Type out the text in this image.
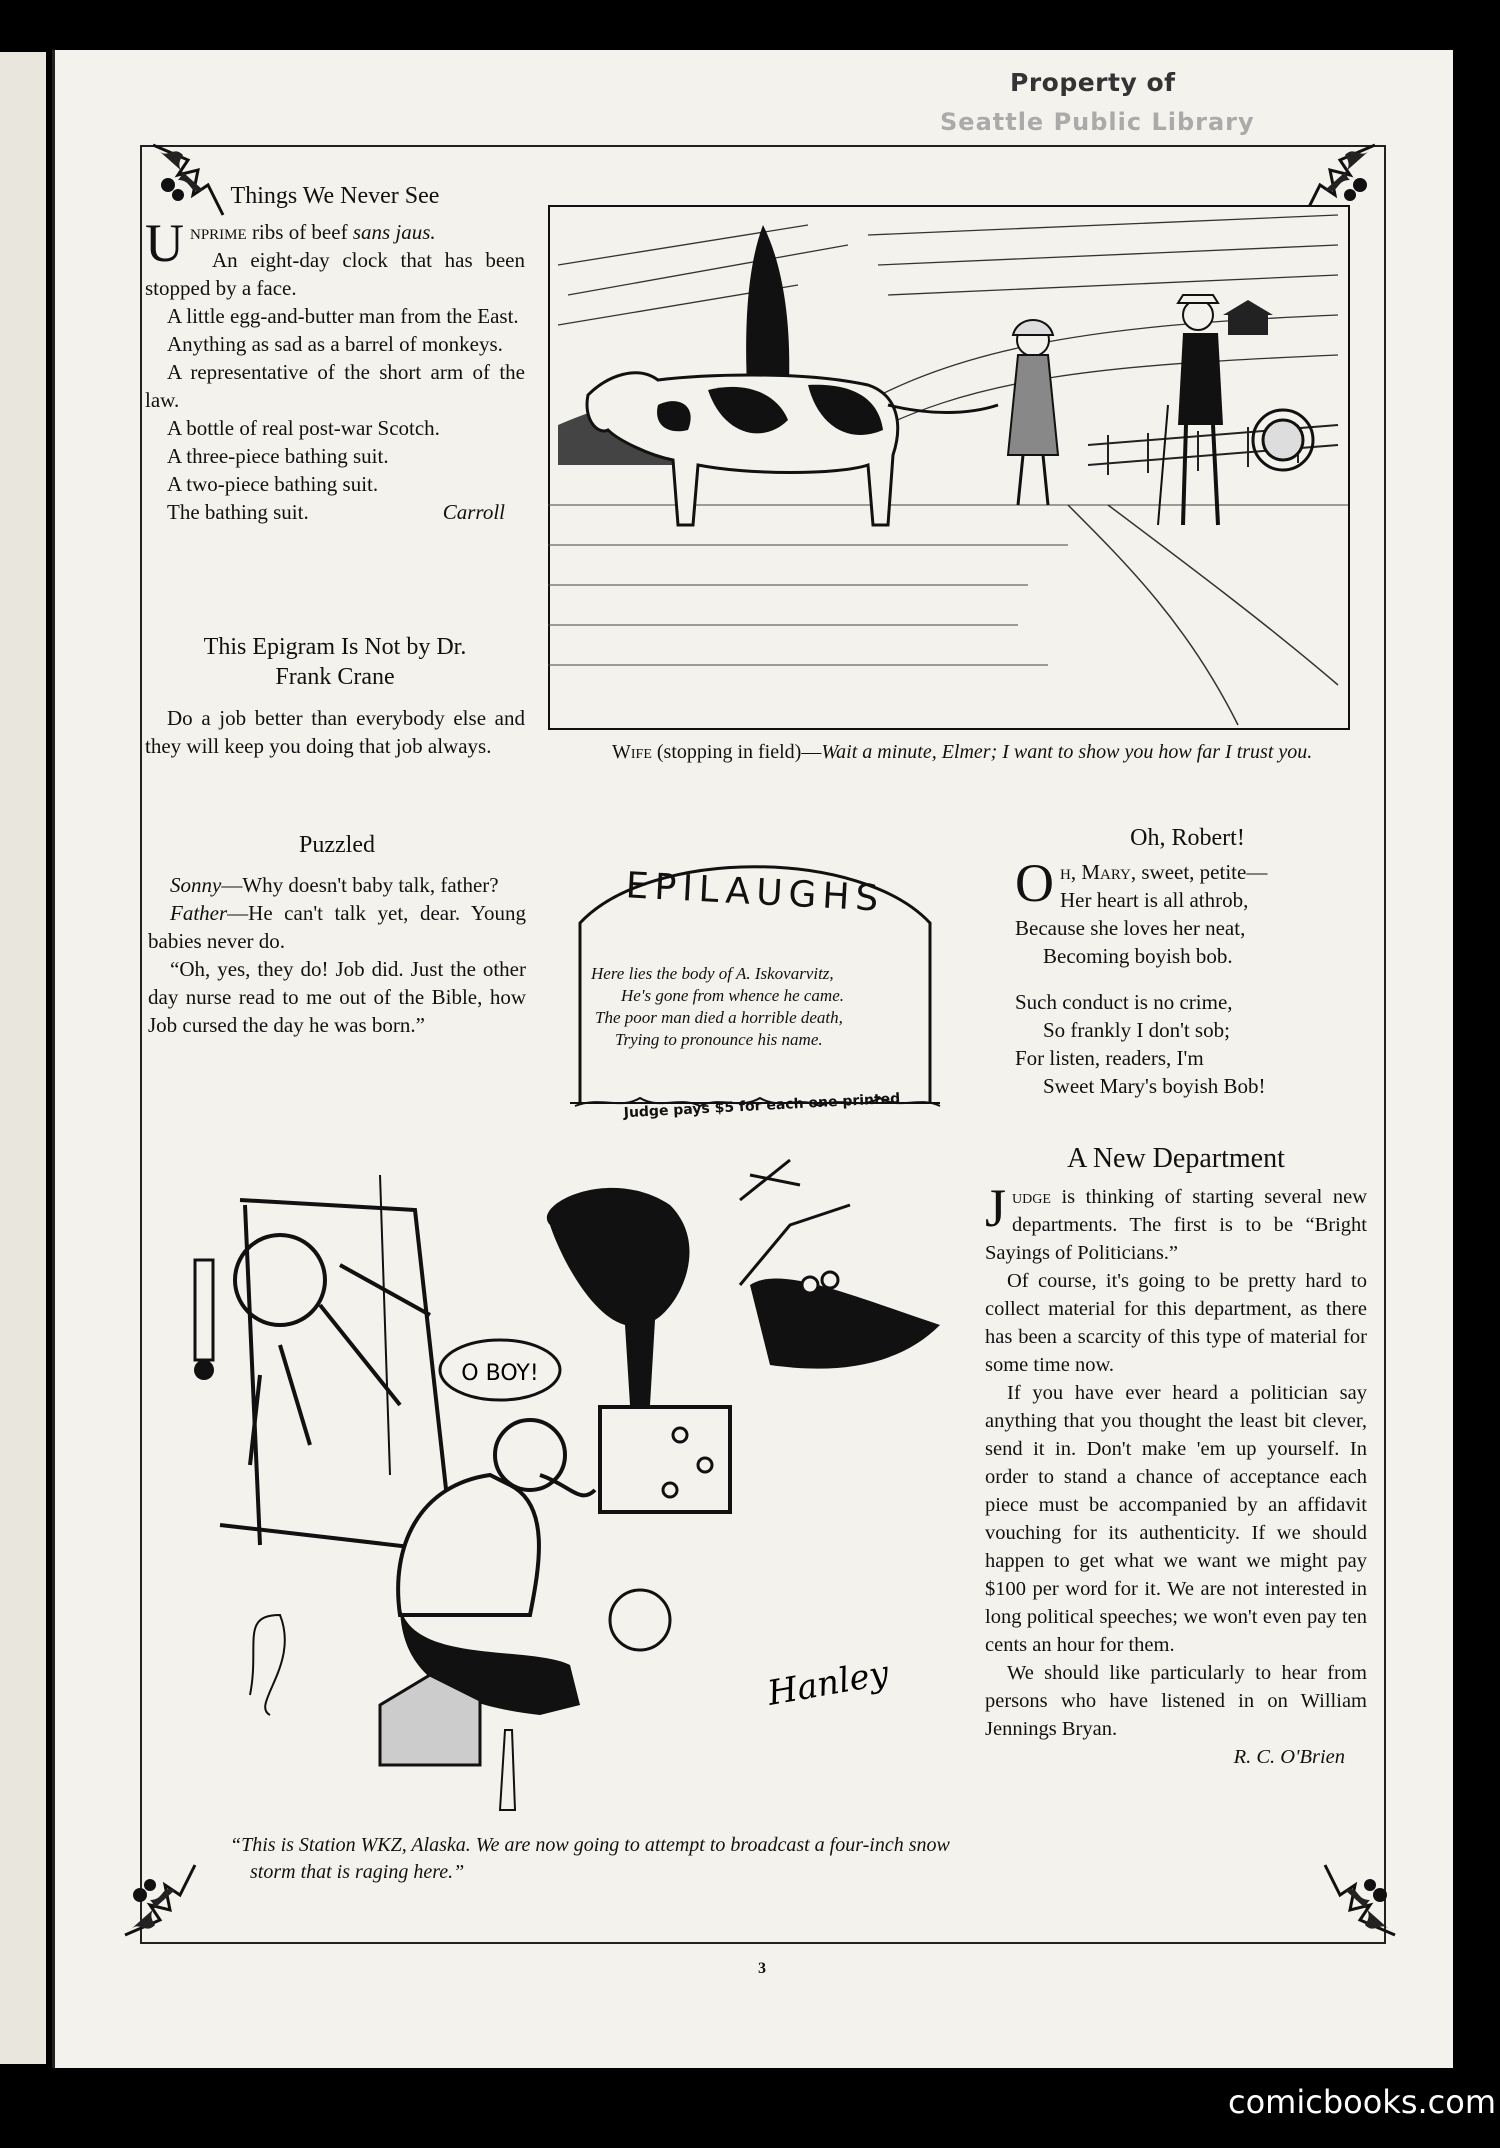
Property of
Seattle Public Library
Things We Never See
U nprime ribs of beef sans jaus.

An eight-day clock that has been stopped by a face.

A little egg-and-butter man from the East.

Anything as sad as a barrel of monkeys.

A representative of the short arm of the law.

A bottle of real post-war Scotch.

A three-piece bathing suit.

A two-piece bathing suit.

The bathing suit.	Carroll

This Epigram Is Not by Dr.
Frank Crane

Do a job better than everybody else and they will keep you doing that job always.

Puzzled

Sonny—Why doesn't baby talk, father?

Father—He can't talk yet, dear. Young babies never do.

“Oh, yes, they do! Job did. Just the other day nurse read to me out of the Bible, how Job cursed the day he was born.”

Wife (stopping in field)—Wait a minute, Elmer; I want to show you how far I trust you.

EPILAUGHS

Here lies the body of A. Iskovarvitz,

He's gone from whence he came.

The poor man died a horrible death,

Trying to pronounce his name.

Judge pays $5 for each one printed
Oh, Robert!
O h, Mary, sweet, petite—

Her heart is all athrob,

Because she loves her neat,

Becoming boyish bob.

Such conduct is no crime,

So frankly I don't sob;

For listen, readers, I'm

Sweet Mary's boyish Bob!

A New Department
J udge is thinking of starting several new departments. The first is to be “Bright Sayings of Politicians.”

Of course, it's going to be pretty hard to collect material for this department, as there has been a scarcity of this type of material for some time now.

If you have ever heard a politician say anything that you thought the least bit clever, send it in. Don't make 'em up yourself. In order to stand a chance of acceptance each piece must be accompanied by an affidavit vouching for its authenticity. If we should happen to get what we want we might pay $100 per word for it. We are not interested in long political speeches; we won't even pay ten cents an hour for them.

We should like particularly to hear from persons who have listened in on William Jennings Bryan.

R. C. O'Brien

O BOY!
Hanley

“This is Station WKZ, Alaska. We are now going to attempt to broadcast a four-inch snow storm that is raging here.”

3
comicbooks.com
